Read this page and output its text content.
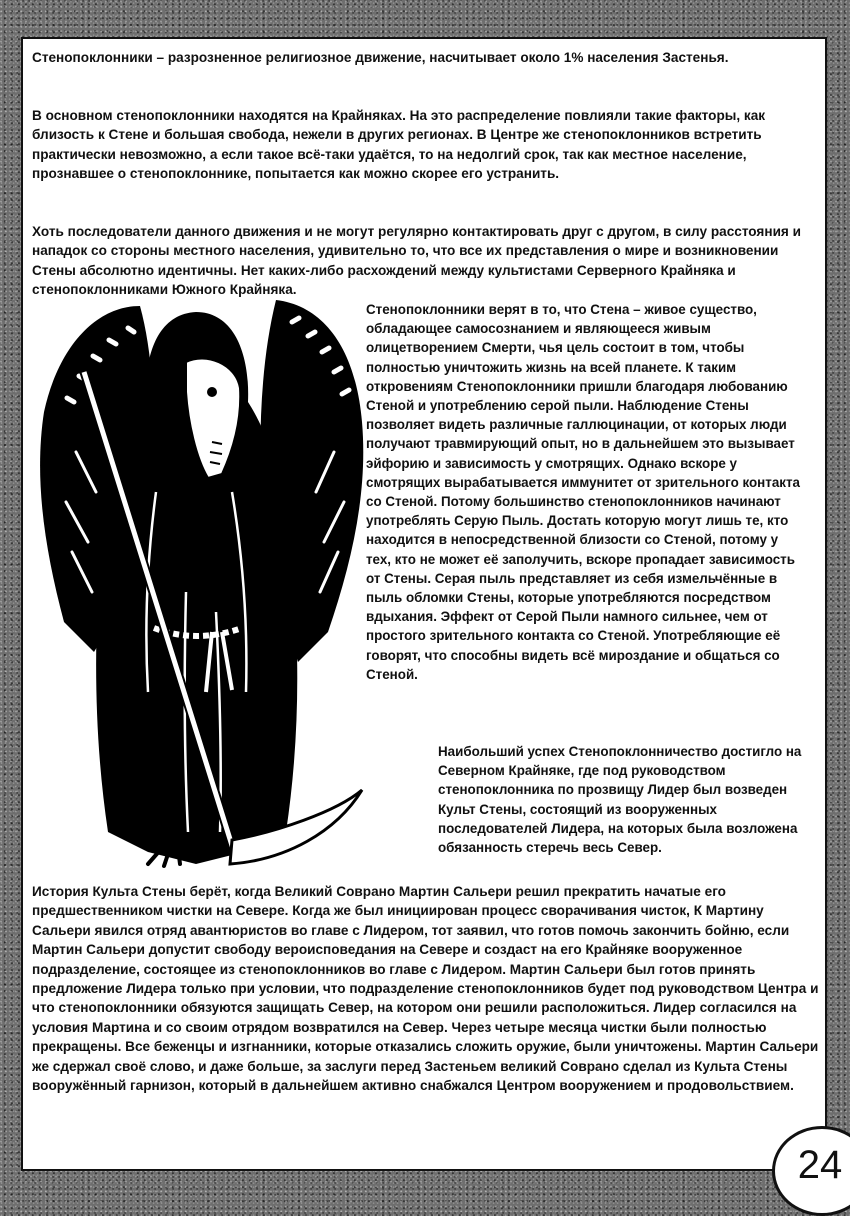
Стенопоклонники – разрозненное религиозное движение, насчитывает около 1% населения Застенья.

В основном стенопоклонники находятся на Крайняках. На это распределение повлияли такие факторы, как близость к Стене и большая свобода, нежели в других регионах. В Центре же стенопоклонников встретить практически невозможно, а если такое всё-таки удаётся, то на недолгий срок, так как местное население, прознавшее о стенопоклоннике, попытается как можно скорее его устранить.

Хоть последователи данного движения и не могут регулярно контактировать друг с другом, в силу расстояния и нападок со стороны местного населения, удивительно то, что все их представления о мире и возникновении Стены абсолютно идентичны. Нет каких-либо расхождений между культистами Серверного Крайняка и стенопоклонниками Южного Крайняка.

Стенопоклонники верят в то, что Стена – живое существо, обладающее самосознанием и являющееся живым олицетворением Смерти, чья цель состоит в том, чтобы полностью уничтожить жизнь на всей планете. К таким откровениям Стенопоклонники пришли благодаря любованию Стеной и употреблению серой пыли. Наблюдение Стены позволяет видеть различные галлюцинации, от которых люди получают травмирующий опыт, но в дальнейшем это вызывает эйфорию и зависимость у смотрящих. Однако вскоре у смотрящих вырабатывается иммунитет от зрительного контакта со Стеной. Потому большинство стенопоклонников начинают употреблять Серую Пыль. Достать которую могут лишь те, кто находится в непосредственной близости со Стеной, потому у тех, кто не может её заполучить, вскоре пропадает зависимость от Стены. Серая пыль представляет из себя измельчённые в пыль обломки Стены, которые употребляются посредством вдыхания. Эффект от Серой Пыли намного сильнее, чем от простого зрительного контакта со Стеной. Употребляющие её говорят, что способны видеть всё мироздание и общаться со Стеной.

Наибольший успех Стенопоклонничество достигло на Северном Крайняке, где под руководством стенопоклонника по прозвищу Лидер был возведен Культ Стены, состоящий из вооруженных последователей Лидера, на которых была возложена обязанность стеречь весь Север.

История Культа Стены берёт, когда Великий Соврано Мартин Сальери решил прекратить начатые его предшественником чистки на Севере. Когда же был инициирован процесс сворачивания чисток, К Мартину Сальери явился отряд авантюристов во главе с Лидером, тот заявил, что готов помочь закончить бойню, если Мартин Сальери допустит свободу вероисповедания на Севере и создаст на его Крайняке вооруженное подразделение, состоящее из стенопоклонников во главе с Лидером. Мартин Сальери был готов принять предложение Лидера только при условии, что подразделение стенопоклонников будет под руководством Центра и что стенопоклонники обязуются защищать Север, на котором они решили расположиться. Лидер согласился на условия Мартина и со своим отрядом возвратился на Север. Через четыре месяца чистки были полностью прекращены. Все беженцы и изгнанники, которые отказались сложить оружие, были уничтожены. Мартин Сальери же сдержал своё слово, и даже больше, за заслуги перед Застеньем великий Соврано сделал из Культа Стены вооружённый гарнизон, который в дальнейшем активно снабжался Центром вооружением и продовольствием.

24
